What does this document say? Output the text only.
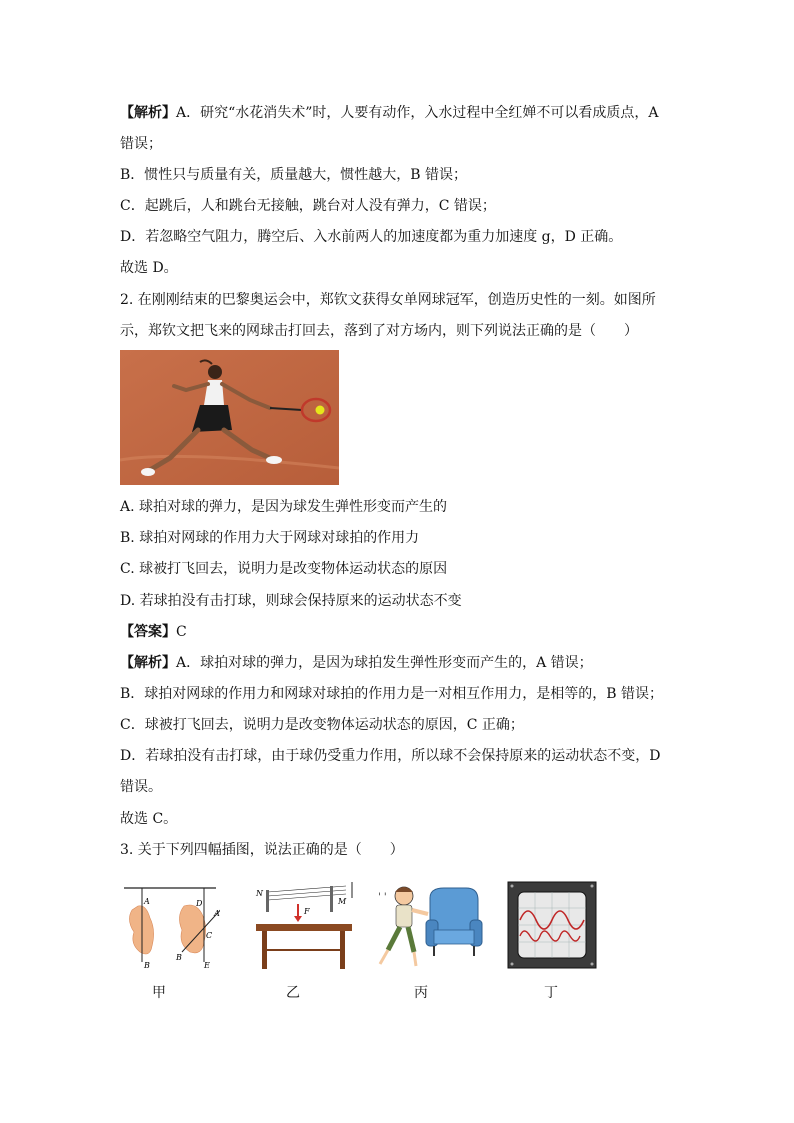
【解析】A．研究“水花消失术”时，人要有动作，入水过程中全红婵不可以看成质点，A
错误；
B．惯性只与质量有关，质量越大，惯性越大，B 错误；
C．起跳后，人和跳台无接触，跳台对人没有弹力，C 错误；
D．若忽略空气阻力，腾空后、入水前两人的加速度都为重力加速度 g，D 正确。
故选 D。
2. 在刚刚结束的巴黎奥运会中，郑钦文获得女单网球冠军，创造历史性的一刻。如图所
示，郑钦文把飞来的网球击打回去，落到了对方场内，则下列说法正确的是（　　）
A. 球拍对球的弹力，是因为球发生弹性形变而产生的
B. 球拍对网球的作用力大于网球对球拍的作用力
C. 球被打飞回去，说明力是改变物体运动状态的原因
D. 若球拍没有击打球，则球会保持原来的运动状态不变
【答案】C
【解析】A．球拍对球的弹力，是因为球拍发生弹性形变而产生的，A 错误；
B．球拍对网球的作用力和网球对球拍的作用力是一对相互作用力，是相等的，B 错误；
C．球被打飞回去，说明力是改变物体运动状态的原因，C 正确；
D．若球拍没有击打球，由于球仍受重力作用，所以球不会保持原来的运动状态不变，D
错误。
故选 C。
3. 关于下列四幅插图，说法正确的是（　　）
A
B
D
A
C
B
E
N
M
F
' '
甲	乙	丙	丁
